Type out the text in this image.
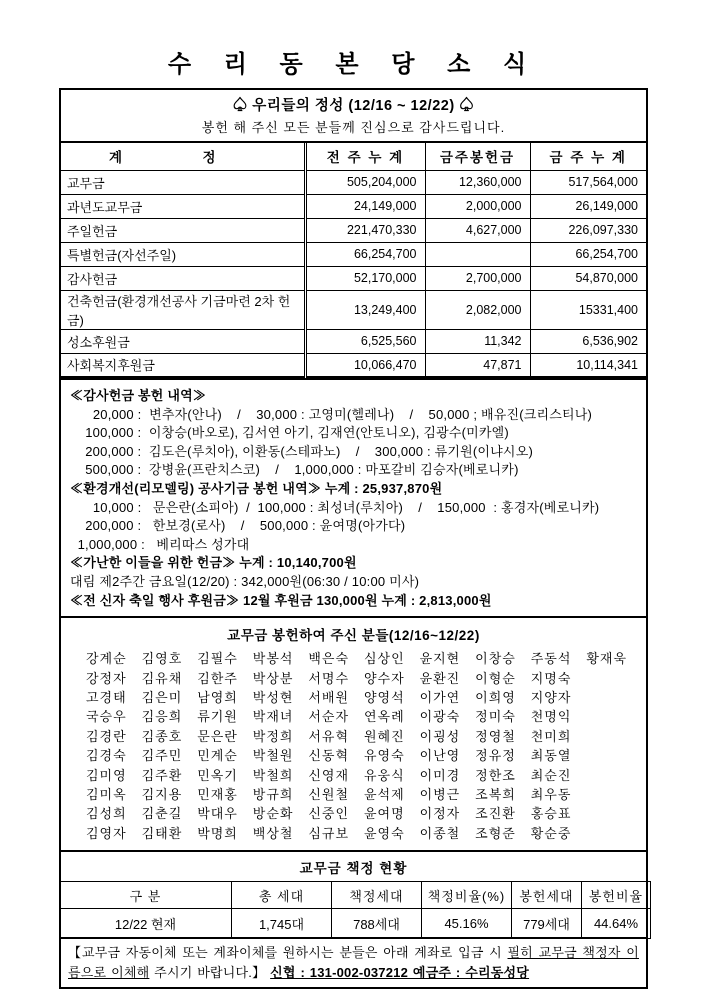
수 리 동 본 당 소 식
♤ 우리들의 정성 (12/16 ~ 12/22) ♤
봉헌 해 주신 모든 분들께 진심으로 감사드립니다.
계 정	전 주 누 계	금주봉헌금	금 주 누 계
교무금	505,204,000	12,360,000	517,564,000
과년도교무금	24,149,000	2,000,000	26,149,000
주일헌금	221,470,330	4,627,000	226,097,330
특별헌금(자선주일)	66,254,700		66,254,700
감사헌금	52,170,000	2,700,000	54,870,000
건축헌금(환경개선공사 기금마련 2차 헌금)	13,249,400	2,082,000	15331,400
성소후원금	6,525,560	11,342	6,536,902
사회복지후원금	10,066,470	47,871	10,114,341
≪감사헌금 봉헌 내역≫
20,000 :  변추자(안나)    /    30,000 : 고영미(헬레나)    /    50,000 ; 배유진(크리스티나)
100,000 :  이창승(바오로), 김서연 아기, 김재연(안토니오), 김광수(미카엘)
200,000 :  김도은(루치아), 이환동(스테파노)    /    300,000 : 류기원(이냐시오)
500,000 :  강병윤(프란치스코)    /    1,000,000 : 마포갈비 김승자(베로니카)
≪환경개선(리모델링) 공사기금 봉헌 내역≫ 누계 : 25,937,870원
10,000 :   문은란(소피아)  /  100,000 : 최성녀(루치아)    /    150,000  : 홍경자(베로니카)
200,000 :   한보경(로사)    /    500,000 : 윤여명(아가다)
1,000,000 :   베리따스 성가대
≪가난한 이들을 위한 헌금≫ 누계 : 10,140,700원
대림 제2주간 금요일(12/20) : 342,000원(06:30 / 10:00 미사)
≪전 신자 축일 행사 후원금≫ 12월 후원금 130,000원 누계 : 2,813,000원
교무금 봉헌하여 주신 분들(12/16~12/22)
강계순	김영호	김필수	박봉석	백은숙	심상인	윤지현	이창승	주동석	황재욱
강정자	김유채	김한주	박상분	서명수	양수자	윤환진	이형순	지명숙
고경태	김은미	남영희	박성현	서배원	양영석	이가연	이희영	지양자
국승우	김응희	류기원	박재녀	서순자	연옥례	이광숙	정미숙	천명익
김경란	김종호	문은란	박정희	서유혁	원혜진	이굉성	정영철	천미희
김경숙	김주민	민계순	박철원	신동혁	유영숙	이난영	정유정	최동열
김미영	김주환	민옥기	박철희	신영재	유웅식	이미경	정한조	최순진
김미옥	김지용	민재홍	방규희	신원철	윤석제	이병근	조복희	최우동
김성희	김춘길	박대우	방순화	신중인	윤여명	이정자	조진환	홍승표
김영자	김태환	박명희	백상철	심규보	윤영숙	이종철	조형준	황순중
교무금 책정 현황
구 분	총 세대	책정세대	책정비율(%)	봉헌세대	봉헌비율
12/22 현재	1,745대	788세대	45.16%	779세대	44.64%
【교무금 자동이체 또는 계좌이체를 원하시는 분들은 아래 계좌로 입금 시 필히 교무금 책정자 이름으로 이체해 주시기 바랍니다.】 신협 : 131-002-037212 예금주 : 수리동성당
